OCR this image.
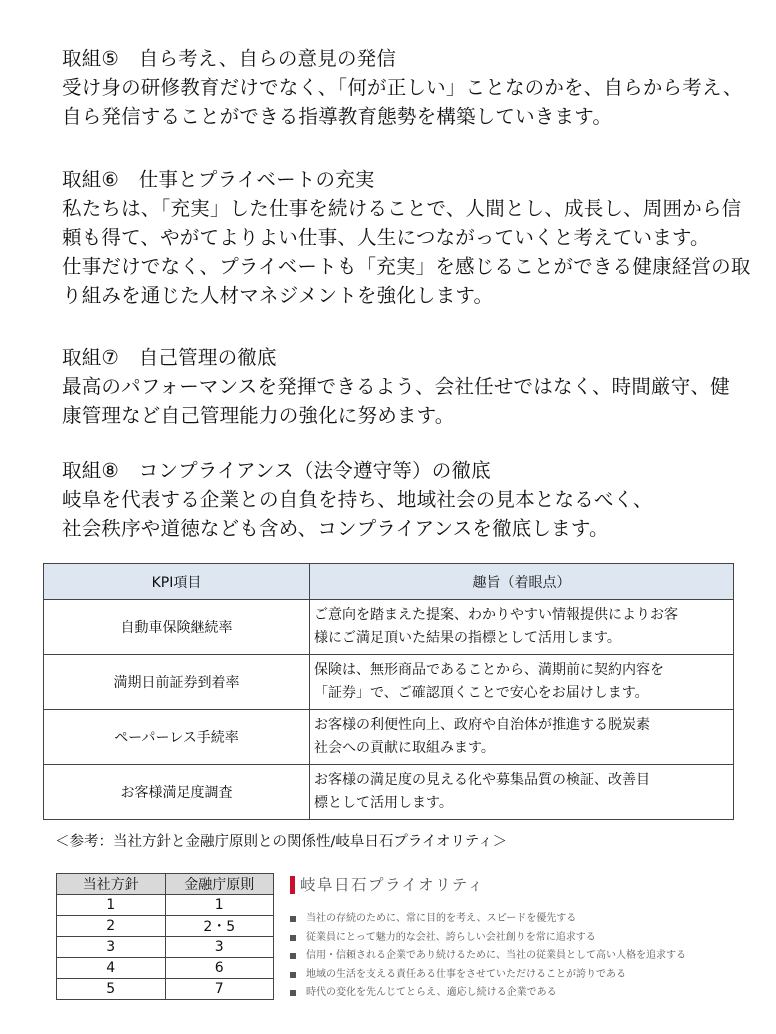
取組⑤　自ら考え、自らの意見の発信
受け身の研修教育だけでなく、「何が正しい」ことなのかを、自らから考え、
自ら発信することができる指導教育態勢を構築していきます。
取組⑥　仕事とプライベートの充実
私たちは、「充実」した仕事を続けることで、人間とし、成長し、周囲から信
頼も得て、やがてよりよい仕事、人生につながっていくと考えています。
仕事だけでなく、プライベートも「充実」を感じることができる健康経営の取
り組みを通じた人材マネジメントを強化します。
取組⑦　自己管理の徹底
最高のパフォーマンスを発揮できるよう、会社任せではなく、時間厳守、健
康管理など自己管理能力の強化に努めます。
取組⑧　コンプライアンス（法令遵守等）の徹底
岐阜を代表する企業との自負を持ち、地域社会の見本となるべく、
社会秩序や道徳なども含め、コンプライアンスを徹底します。
KPI項目	趣旨（着眼点）
自動車保険継続率	ご意向を踏まえた提案、わかりやすい情報提供によりお客
様にご満足頂いた結果の指標として活用します。

満期日前証券到着率	保険は、無形商品であることから、満期前に契約内容を
「証券」で、ご確認頂くことで安心をお届けします。

ペーパーレス手続率	お客様の利便性向上、政府や自治体が推進する脱炭素
社会への貢献に取組みます。

お客様満足度調査	お客様の満足度の見える化や募集品質の検証、改善目
標として活用します。
＜参考：当社方針と金融庁原則との関係性/岐阜日石プライオリティ＞
当社方針	金融庁原則
1	1
2	2・5
3	3
4	6
5	7
岐阜日石プライオリティ
当社の存続のために、常に目的を考え、スピードを優先する
従業員にとって魅力的な会社、誇らしい会社創りを常に追求する
信用・信頼される企業であり続けるために、当社の従業員として高い人格を追求する
地域の生活を支える責任ある仕事をさせていただけることが誇りである
時代の変化を先んじてとらえ、適応し続ける企業である
